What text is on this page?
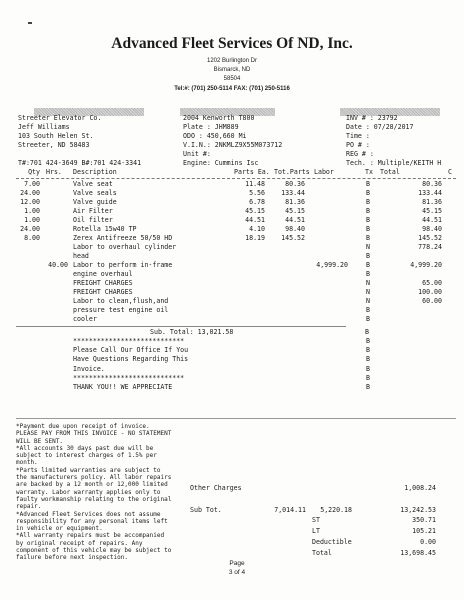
Advanced Fleet Services Of ND, Inc.
1202 Burlington Dr
Bismarck, ND
58504
Tel:#: (701) 250-5114 FAX: (701) 250-5116
Streeter Elevator Co.
Jeff Williams
103 South Helen St.
Streeter, ND 58483
T#:701 424-3649 B#:701 424-3341
2004 Kenworth T800
Plate : JHM889
ODO : 450,660 Mi
V.I.N.: 2NKMLZ9X55M073712
Unit #:
Engine: Cummins Isc
INV # : 23792
Date : 07/28/2017
Time :
PO # :
REG # :
Tech. : Multiple/KEITH H
Qty Hrs. Description	Parts Ea. Tot.Parts Labor	Tx Total	C
7.00	Valve seat	11.48	80.36	B	80.36
24.00	Valve seals	5.56	133.44	B	133.44
12.00	Valve guide	6.78	81.36	B	81.36
1.00	Air Filter	45.15	45.15	B	45.15
1.00	Oil filter	44.51	44.51	B	44.51
24.00	Rotella 15w40 TP	4.10	98.40	B	98.40
8.00	Zerex Antifreeze 50/50 HD	18.19	145.52	B	145.52
Labor to overhaul cylinder	N	778.24
head	B
40.00 Labor to perform in-frame	4,999.20	B	4,999.20
engine overhaul	B
FREIGHT CHARGES	N	65.00
FREIGHT CHARGES	N	100.00
Labor to clean,flush,and	N	60.00
pressure test engine oil	B
cooler	B
Sub. Total: 13,021.58	B
****************************	B
Please Call Our Office If You	B
Have Questions Regarding This	B
Invoice.	B
****************************	B
THANK YOU!! WE APPRECIATE	B
*Payment due upon receipt of invoice.
PLEASE PAY FROM THIS INVOICE - NO STATEMENT
WILL BE SENT.
*All accounts 30 days past due will be
subject to interest charges of 1.5% per
month.
*Parts limited warranties are subject to
the manufacturers policy. All labor repairs
are backed by a 12 month or 12,000 limited
warranty. Labor warranty applies only to
faulty workmanship relating to the original
repair.
*Advanced Fleet Services does not assume
responsibility for any personal items left
in vehicle or equipment.
*All warranty repairs must be accompanied
by original receipt of repairs. Any
component of this vehicle may be subject to
failure before next inspection.
Other Charges	1,008.24
Sub Tot.	7,014.11	5,220.18	13,242.53
ST	350.71
LT	105.21
Deductible	0.00
Total	13,698.45
Page
3 of 4
